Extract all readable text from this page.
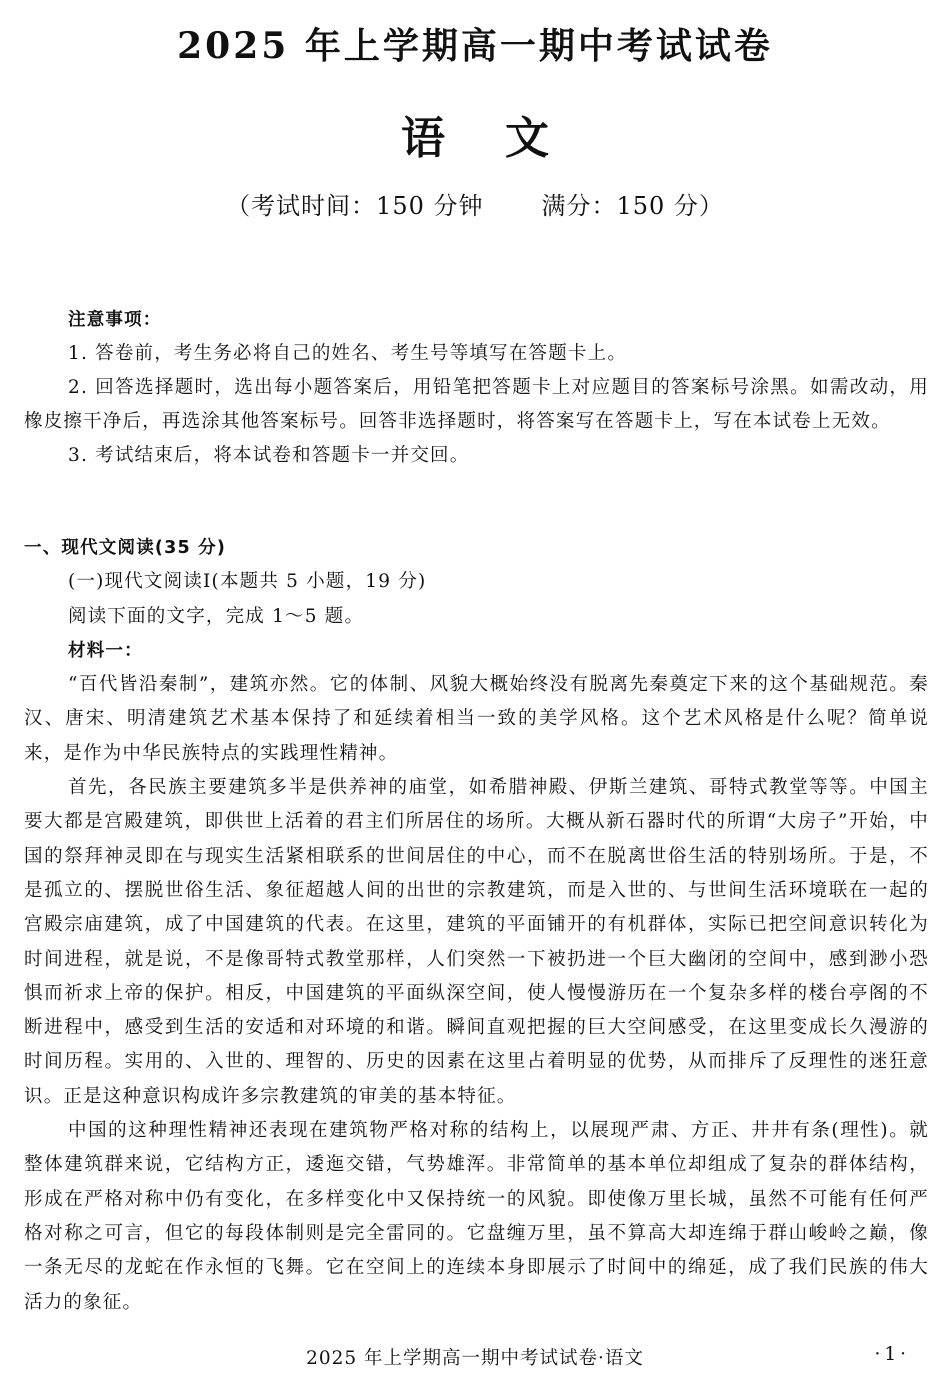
2025 年上学期高一期中考试试卷
语文
（考试时间：150 分钟 满分：150 分）
注意事项：
1. 答卷前，考生务必将自己的姓名、考生号等填写在答题卡上。
2. 回答选择题时，选出每小题答案后，用铅笔把答题卡上对应题目的答案标号涂黑。如需改动，用橡皮擦干净后，再选涂其他答案标号。回答非选择题时，将答案写在答题卡上，写在本试卷上无效。
3. 考试结束后，将本试卷和答题卡一并交回。
一、现代文阅读(35 分)
(一)现代文阅读Ⅰ(本题共 5 小题，19 分)
阅读下面的文字，完成 1～5 题。
材料一：

“百代皆沿秦制”，建筑亦然。它的体制、风貌大概始终没有脱离先秦奠定下来的这个基础规范。秦汉、唐宋、明清建筑艺术基本保持了和延续着相当一致的美学风格。这个艺术风格是什么呢？简单说来，是作为中华民族特点的实践理性精神。

首先，各民族主要建筑多半是供养神的庙堂，如希腊神殿、伊斯兰建筑、哥特式教堂等等。中国主要大都是宫殿建筑，即供世上活着的君主们所居住的场所。大概从新石器时代的所谓“大房子”开始，中国的祭拜神灵即在与现实生活紧相联系的世间居住的中心，而不在脱离世俗生活的特别场所。于是，不是孤立的、摆脱世俗生活、象征超越人间的出世的宗教建筑，而是入世的、与世间生活环境联在一起的宫殿宗庙建筑，成了中国建筑的代表。在这里，建筑的平面铺开的有机群体，实际已把空间意识转化为时间进程，就是说，不是像哥特式教堂那样，人们突然一下被扔进一个巨大幽闭的空间中，感到渺小恐惧而祈求上帝的保护。相反，中国建筑的平面纵深空间，使人慢慢游历在一个复杂多样的楼台亭阁的不断进程中，感受到生活的安适和对环境的和谐。瞬间直观把握的巨大空间感受，在这里变成长久漫游的时间历程。实用的、入世的、理智的、历史的因素在这里占着明显的优势，从而排斥了反理性的迷狂意识。正是这种意识构成许多宗教建筑的审美的基本特征。

中国的这种理性精神还表现在建筑物严格对称的结构上，以展现严肃、方正、井井有条(理性)。就整体建筑群来说，它结构方正，逶迤交错，气势雄浑。非常简单的基本单位却组成了复杂的群体结构，形成在严格对称中仍有变化，在多样变化中又保持统一的风貌。即使像万里长城，虽然不可能有任何严格对称之可言，但它的每段体制则是完全雷同的。它盘缠万里，虽不算高大却连绵于群山峻岭之巅，像一条无尽的龙蛇在作永恒的飞舞。它在空间上的连续本身即展示了时间中的绵延，成了我们民族的伟大活力的象征。

2025 年上学期高一期中考试试卷·语文	·1·
